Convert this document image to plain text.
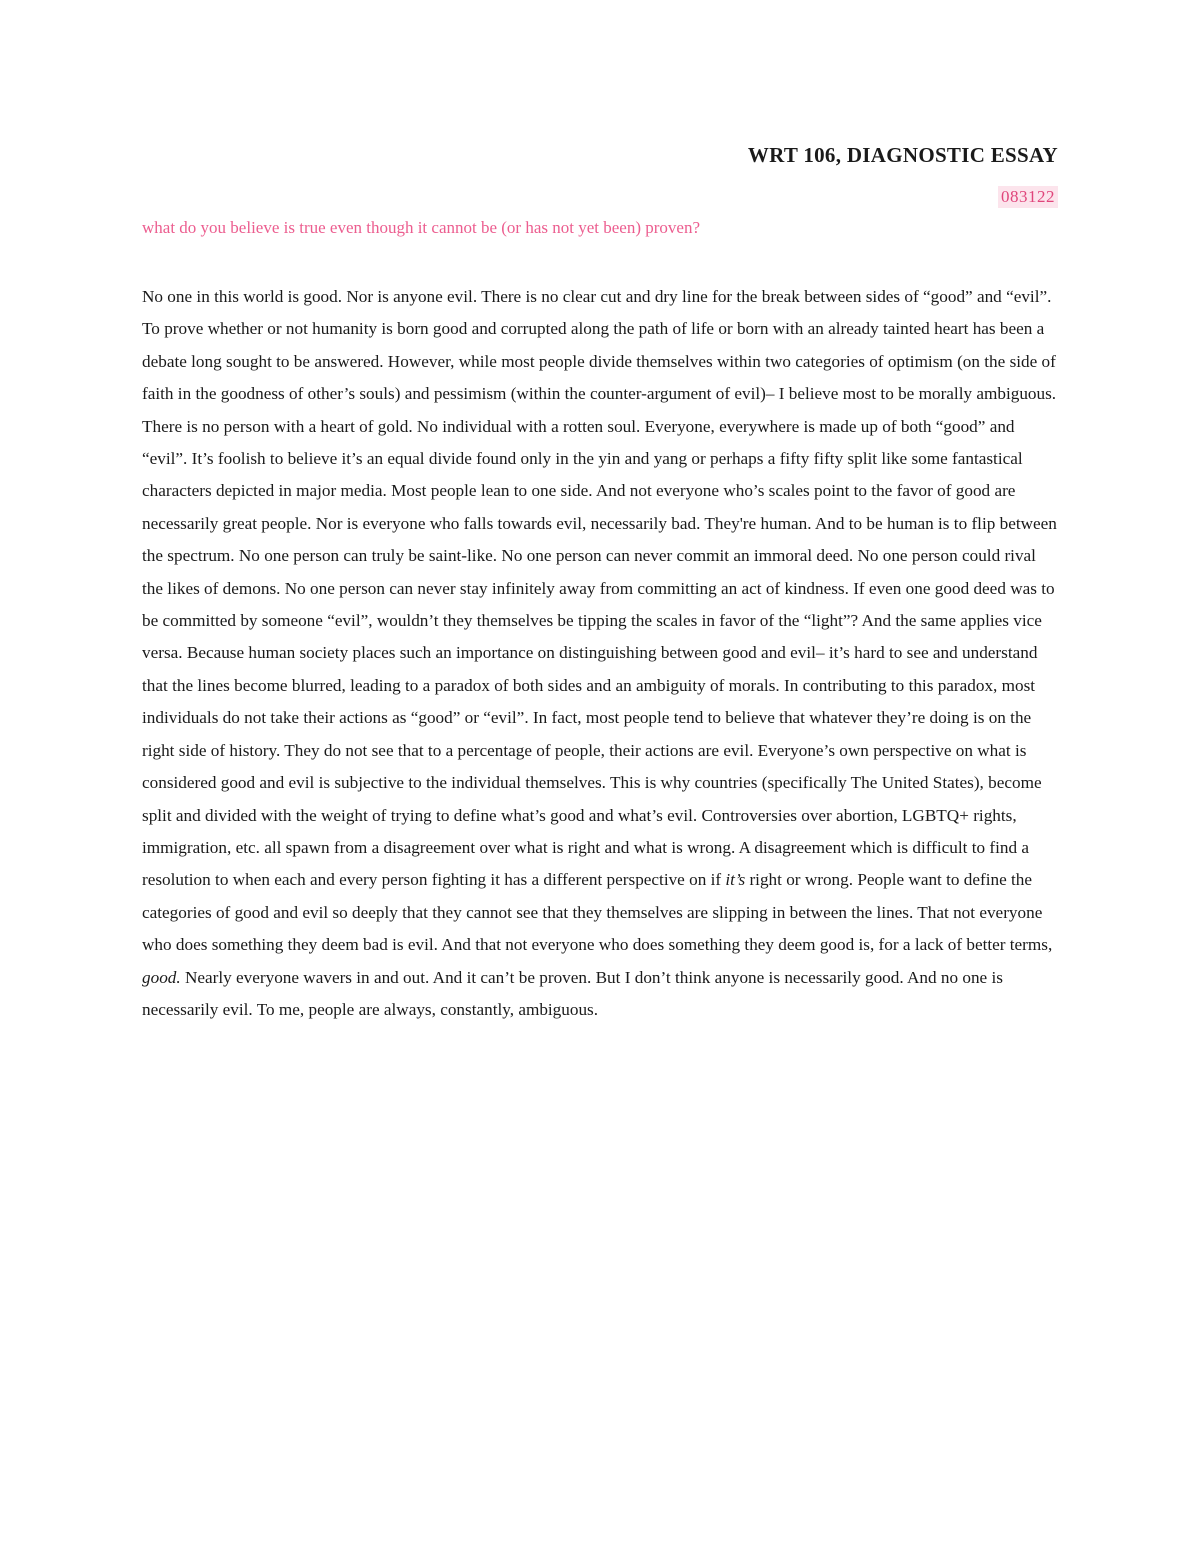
WRT 106, DIAGNOSTIC ESSAY
083122

what do you believe is true even though it cannot be (or has not yet been) proven?

No one in this world is good. Nor is anyone evil. There is no clear cut and dry line for the break between sides of “good” and “evil”. To prove whether or not humanity is born good and corrupted along the path of life or born with an already tainted heart has been a debate long sought to be answered. However, while most people divide themselves within two categories of optimism (on the side of faith in the goodness of other’s souls) and pessimism (within the counter-argument of evil)– I believe most to be morally ambiguous. There is no person with a heart of gold. No individual with a rotten soul. Everyone, everywhere is made up of both “good” and “evil”. It’s foolish to believe it’s an equal divide found only in the yin and yang or perhaps a fifty fifty split like some fantastical characters depicted in major media. Most people lean to one side. And not everyone who’s scales point to the favor of good are necessarily great people. Nor is everyone who falls towards evil, necessarily bad. They're human. And to be human is to flip between the spectrum. No one person can truly be saint-like. No one person can never commit an immoral deed. No one person could rival the likes of demons. No one person can never stay infinitely away from committing an act of kindness. If even one good deed was to be committed by someone “evil”, wouldn’t they themselves be tipping the scales in favor of the “light”? And the same applies vice versa. Because human society places such an importance on distinguishing between good and evil– it’s hard to see and understand that the lines become blurred, leading to a paradox of both sides and an ambiguity of morals. In contributing to this paradox, most individuals do not take their actions as “good” or “evil”. In fact, most people tend to believe that whatever they’re doing is on the right side of history. They do not see that to a percentage of people, their actions are evil. Everyone’s own perspective on what is considered good and evil is subjective to the individual themselves. This is why countries (specifically The United States), become split and divided with the weight of trying to define what’s good and what’s evil. Controversies over abortion, LGBTQ+ rights, immigration, etc. all spawn from a disagreement over what is right and what is wrong. A disagreement which is difficult to find a resolution to when each and every person fighting it has a different perspective on if it’s right or wrong. People want to define the categories of good and evil so deeply that they cannot see that they themselves are slipping in between the lines. That not everyone who does something they deem bad is evil. And that not everyone who does something they deem good is, for a lack of better terms, good. Nearly everyone wavers in and out. And it can’t be proven. But I don’t think anyone is necessarily good. And no one is necessarily evil. To me, people are always, constantly, ambiguous.
